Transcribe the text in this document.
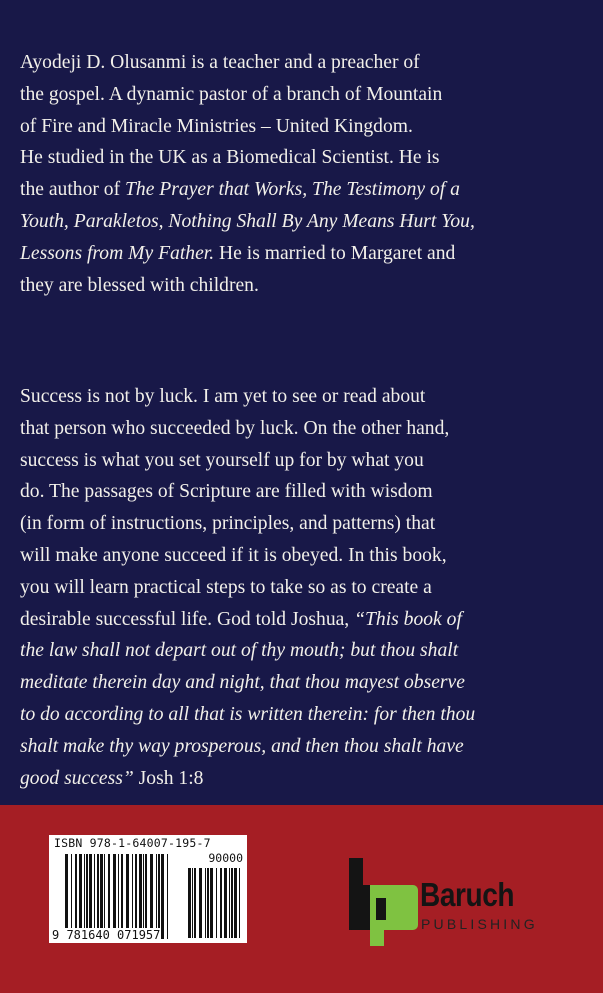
Ayodeji D. Olusanmi is a teacher and a preacher of
the gospel. A dynamic pastor of a branch of Mountain
of Fire and Miracle Ministries – United Kingdom.
He studied in the UK as a Biomedical Scientist. He is
the author of The Prayer that Works, The Testimony of a
Youth, Parakletos, Nothing Shall By Any Means Hurt You,
Lessons from My Father. He is married to Margaret and
they are blessed with children.
Success is not by luck. I am yet to see or read about
that person who succeeded by luck. On the other hand,
success is what you set yourself up for by what you
do. The passages of Scripture are filled with wisdom
(in form of instructions, principles, and patterns) that
will make anyone succeed if it is obeyed. In this book,
you will learn practical steps to take so as to create a
desirable successful life. God told Joshua, “This book of
the law shall not depart out of thy mouth; but thou shalt
meditate therein day and night, that thou mayest observe
to do according to all that is written therein: for then thou
shalt make thy way prosperous, and then thou shalt have
good success” Josh 1:8
ISBN 978-1-64007-195-7
90000
9 781640 071957
Baruch
PUBLISHING
